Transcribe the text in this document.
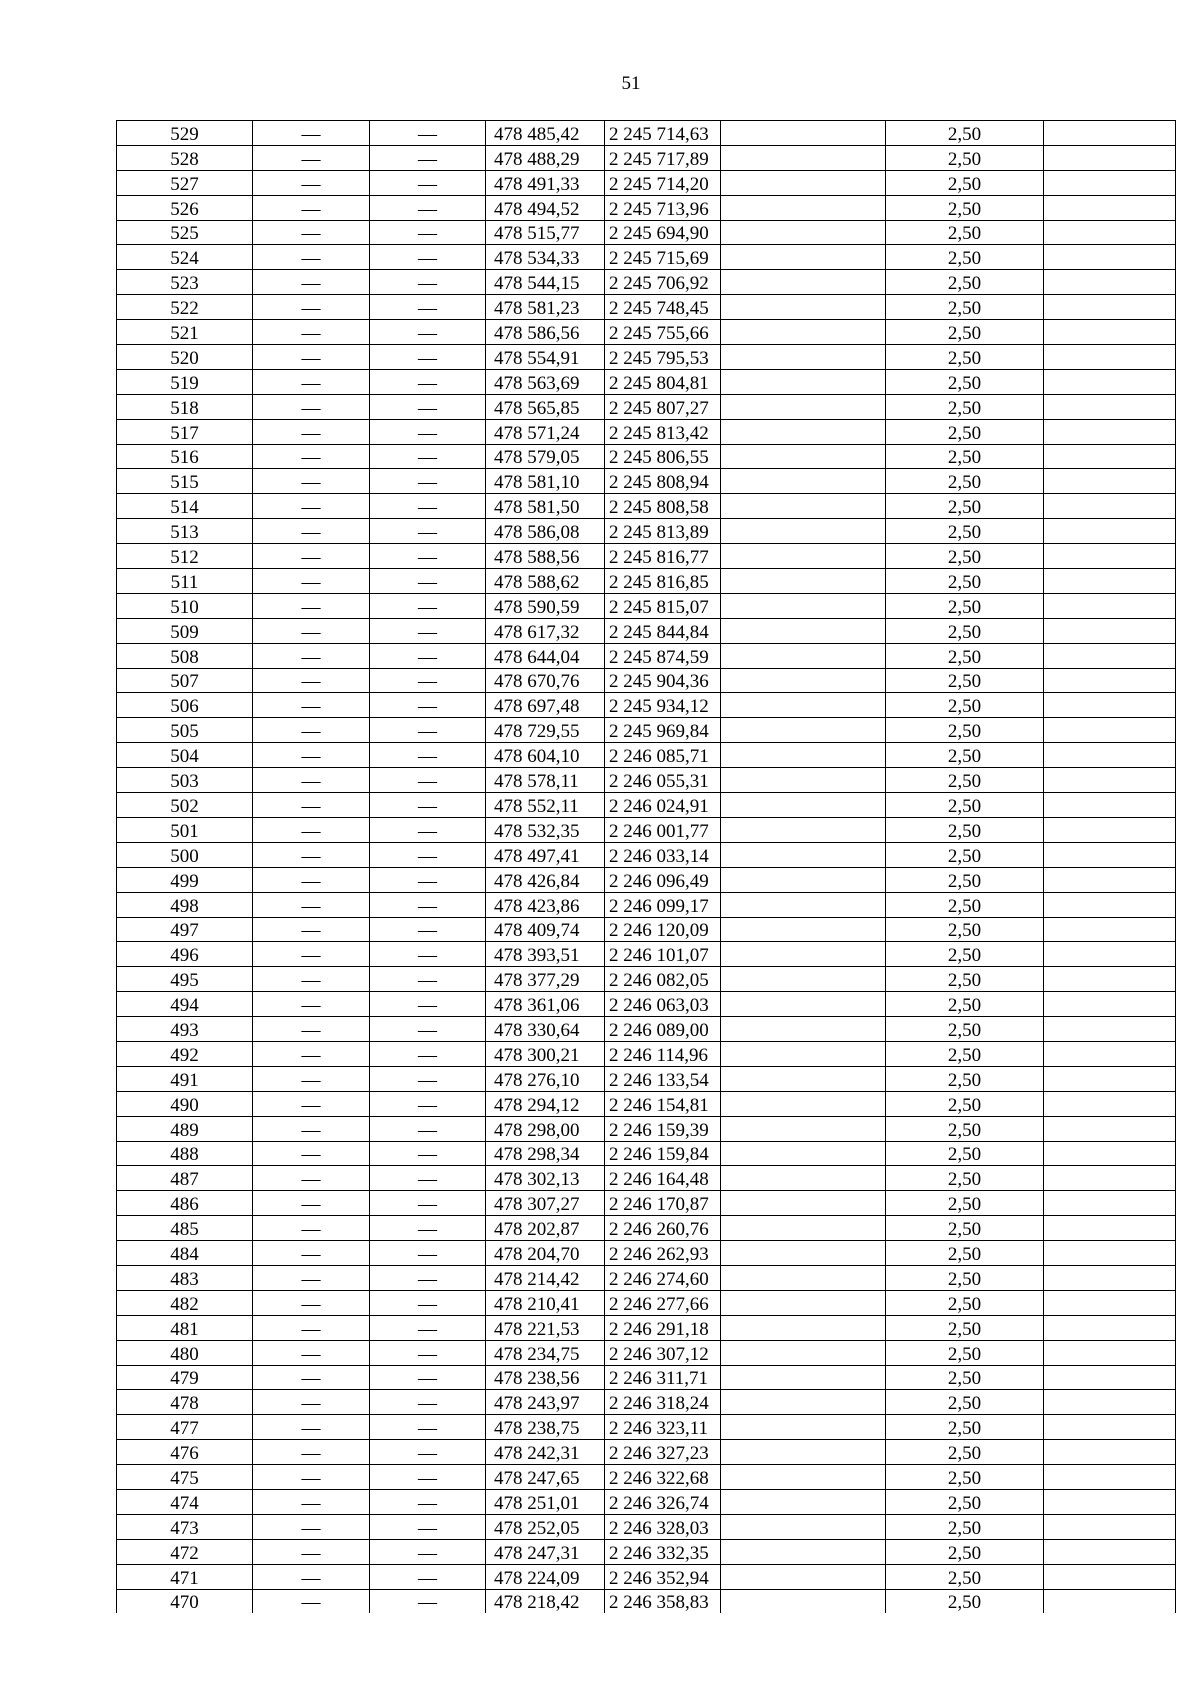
51
529	—	—	478 485,42	2 245 714,63		2,50	
528	—	—	478 488,29	2 245 717,89		2,50	
527	—	—	478 491,33	2 245 714,20		2,50	
526	—	—	478 494,52	2 245 713,96		2,50	
525	—	—	478 515,77	2 245 694,90		2,50	
524	—	—	478 534,33	2 245 715,69		2,50	
523	—	—	478 544,15	2 245 706,92		2,50	
522	—	—	478 581,23	2 245 748,45		2,50	
521	—	—	478 586,56	2 245 755,66		2,50	
520	—	—	478 554,91	2 245 795,53		2,50	
519	—	—	478 563,69	2 245 804,81		2,50	
518	—	—	478 565,85	2 245 807,27		2,50	
517	—	—	478 571,24	2 245 813,42		2,50	
516	—	—	478 579,05	2 245 806,55		2,50	
515	—	—	478 581,10	2 245 808,94		2,50	
514	—	—	478 581,50	2 245 808,58		2,50	
513	—	—	478 586,08	2 245 813,89		2,50	
512	—	—	478 588,56	2 245 816,77		2,50	
511	—	—	478 588,62	2 245 816,85		2,50	
510	—	—	478 590,59	2 245 815,07		2,50	
509	—	—	478 617,32	2 245 844,84		2,50	
508	—	—	478 644,04	2 245 874,59		2,50	
507	—	—	478 670,76	2 245 904,36		2,50	
506	—	—	478 697,48	2 245 934,12		2,50	
505	—	—	478 729,55	2 245 969,84		2,50	
504	—	—	478 604,10	2 246 085,71		2,50	
503	—	—	478 578,11	2 246 055,31		2,50	
502	—	—	478 552,11	2 246 024,91		2,50	
501	—	—	478 532,35	2 246 001,77		2,50	
500	—	—	478 497,41	2 246 033,14		2,50	
499	—	—	478 426,84	2 246 096,49		2,50	
498	—	—	478 423,86	2 246 099,17		2,50	
497	—	—	478 409,74	2 246 120,09		2,50	
496	—	—	478 393,51	2 246 101,07		2,50	
495	—	—	478 377,29	2 246 082,05		2,50	
494	—	—	478 361,06	2 246 063,03		2,50	
493	—	—	478 330,64	2 246 089,00		2,50	
492	—	—	478 300,21	2 246 114,96		2,50	
491	—	—	478 276,10	2 246 133,54		2,50	
490	—	—	478 294,12	2 246 154,81		2,50	
489	—	—	478 298,00	2 246 159,39		2,50	
488	—	—	478 298,34	2 246 159,84		2,50	
487	—	—	478 302,13	2 246 164,48		2,50	
486	—	—	478 307,27	2 246 170,87		2,50	
485	—	—	478 202,87	2 246 260,76		2,50	
484	—	—	478 204,70	2 246 262,93		2,50	
483	—	—	478 214,42	2 246 274,60		2,50	
482	—	—	478 210,41	2 246 277,66		2,50	
481	—	—	478 221,53	2 246 291,18		2,50	
480	—	—	478 234,75	2 246 307,12		2,50	
479	—	—	478 238,56	2 246 311,71		2,50	
478	—	—	478 243,97	2 246 318,24		2,50	
477	—	—	478 238,75	2 246 323,11		2,50	
476	—	—	478 242,31	2 246 327,23		2,50	
475	—	—	478 247,65	2 246 322,68		2,50	
474	—	—	478 251,01	2 246 326,74		2,50	
473	—	—	478 252,05	2 246 328,03		2,50	
472	—	—	478 247,31	2 246 332,35		2,50	
471	—	—	478 224,09	2 246 352,94		2,50	
470	—	—	478 218,42	2 246 358,83		2,50	
